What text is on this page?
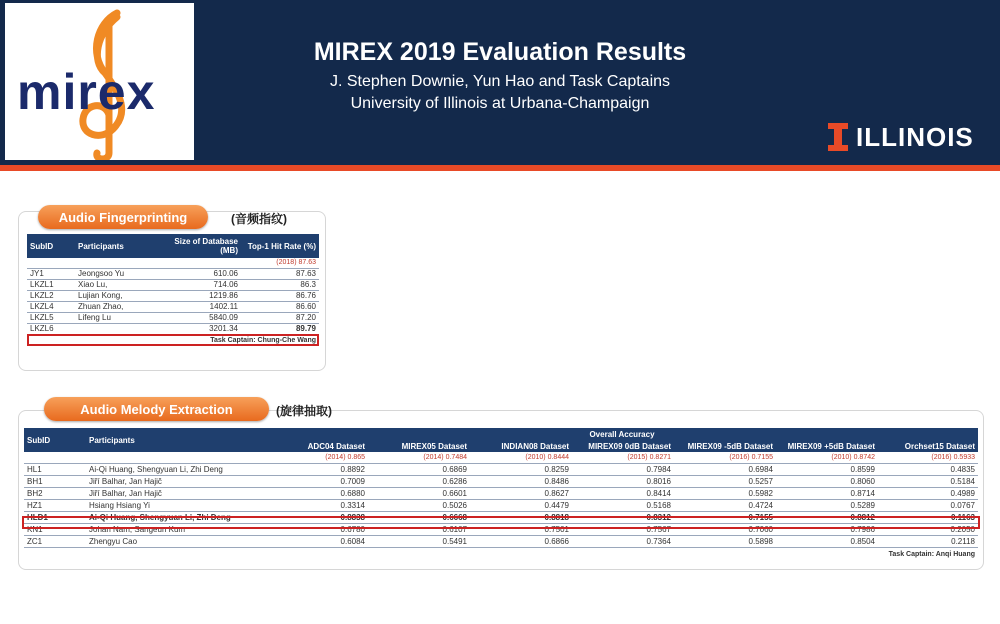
mirex
MIREX 2019 Evaluation Results
J. Stephen Downie, Yun Hao and Task Captains
University of Illinois at Urbana-Champaign
ILLINOIS
Audio Fingerprinting	(音频指纹)
SubID	Participants	Size of Database (MB)	Top-1 Hit Rate (%)
			(2018) 87.63
JY1	Jeongsoo Yu	610.06	87.63
LKZL1	Xiao Lu,	714.06	86.3
LKZL2	Lujian Kong,	1219.86	86.76
LKZL4	Zhuan Zhao,	1402.11	86.60
LKZL5	Lifeng Lu	5840.09	87.20
LKZL6		3201.34	89.79
Task Captain: Chung-Che Wang			
Audio Melody Extraction	(旋律抽取)
SubID	Participants	Overall Accuracy						
		ADC04 Dataset	MIREX05 Dataset	INDIAN08 Dataset	MIREX09 0dB Dataset	MIREX09 -5dB Dataset	MIREX09 +5dB Dataset	Orchset15 Dataset
		(2014) 0.865	(2014) 0.7484	(2010) 0.8444	(2015) 0.8271	(2016) 0.7155	(2010) 0.8742	(2016) 0.5933
HL1	Ai-Qi Huang, Shengyuan Li, Zhi Deng	0.8892	0.6869	0.8259	0.7984	0.6984	0.8599	0.4835
BH1	Jiří Balhar, Jan Hajič	0.7009	0.6286	0.8486	0.8016	0.5257	0.8060	0.5184
BH2	Jiří Balhar, Jan Hajič	0.6880	0.6601	0.8627	0.8414	0.5982	0.8714	0.4989
HZ1	Hsiang Hsiang Yi	0.3314	0.5026	0.4479	0.5168	0.4724	0.5289	0.0767
HLD1	Ai-Qi Huang, Shengyuan Li, Zhi Deng	0.8838	0.6668	0.8818	0.8312	0.7155	0.8812	0.1163
KN1	Johan Nam, Sangeun Kum	0.6780	0.6107	0.7501	0.7567	0.7060	0.7986	0.2050
ZC1	Zhengyu Cao	0.6084	0.5491	0.6866	0.7364	0.5898	0.8504	0.2118
Task Captain: Anqi Huang								
